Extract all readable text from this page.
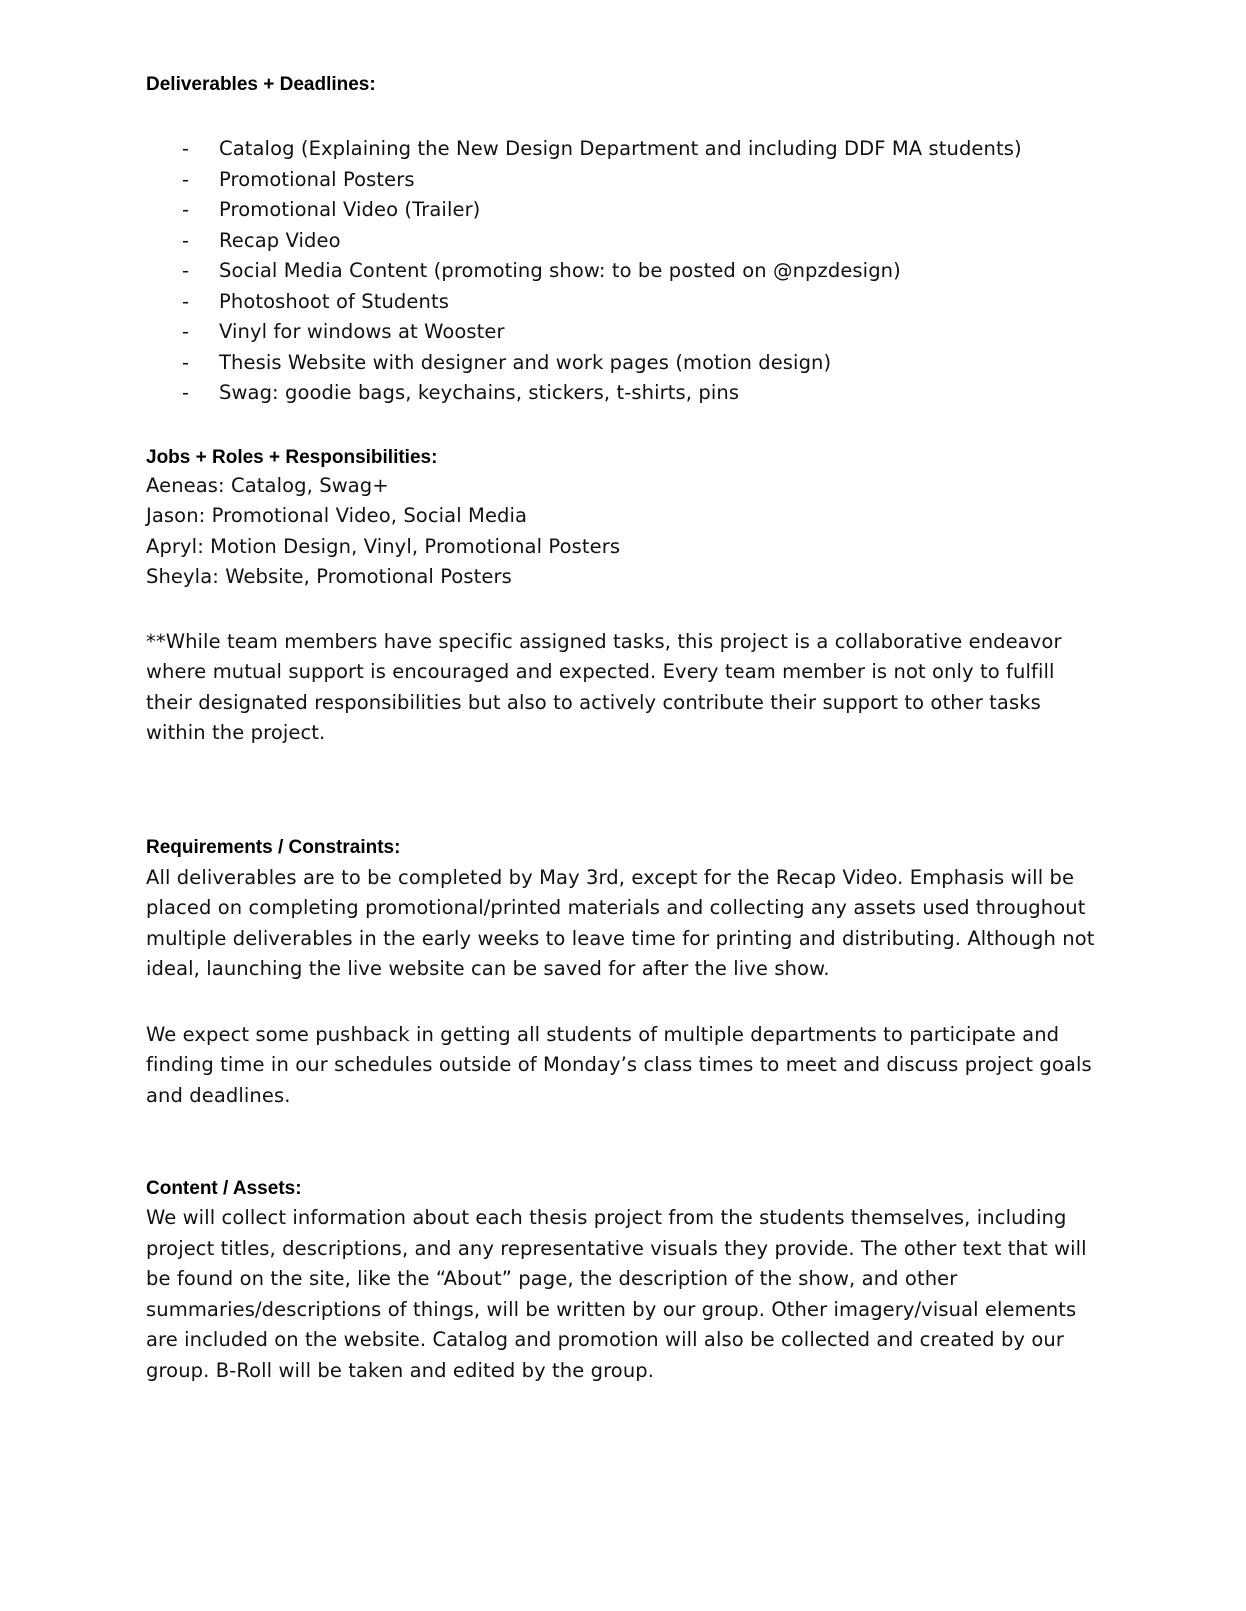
Deliverables + Deadlines:
- Catalog (Explaining the New Design Department and including DDF MA students)
- Promotional Posters
- Promotional Video (Trailer)
- Recap Video
- Social Media Content (promoting show: to be posted on @npzdesign)
- Photoshoot of Students
- Vinyl for windows at Wooster
- Thesis Website with designer and work pages (motion design)
- Swag: goodie bags, keychains, stickers, t-shirts, pins
Jobs + Roles + Responsibilities:
Aeneas: Catalog, Swag+
Jason: Promotional Video, Social Media
Apryl: Motion Design, Vinyl, Promotional Posters
Sheyla: Website, Promotional Posters

**While team members have specific assigned tasks, this project is a collaborative endeavor where mutual support is encouraged and expected. Every team member is not only to fulfill their designated responsibilities but also to actively contribute their support to other tasks within the project.

Requirements / Constraints:

All deliverables are to be completed by May 3rd, except for the Recap Video. Emphasis will be placed on completing promotional/printed materials and collecting any assets used throughout multiple deliverables in the early weeks to leave time for printing and distributing. Although not ideal, launching the live website can be saved for after the live show.

We expect some pushback in getting all students of multiple departments to participate and finding time in our schedules outside of Monday’s class times to meet and discuss project goals and deadlines.

Content / Assets:

We will collect information about each thesis project from the students themselves, including project titles, descriptions, and any representative visuals they provide. The other text that will be found on the site, like the “About” page, the description of the show, and other summaries/descriptions of things, will be written by our group. Other imagery/visual elements are included on the website. Catalog and promotion will also be collected and created by our group. B-Roll will be taken and edited by the group.
